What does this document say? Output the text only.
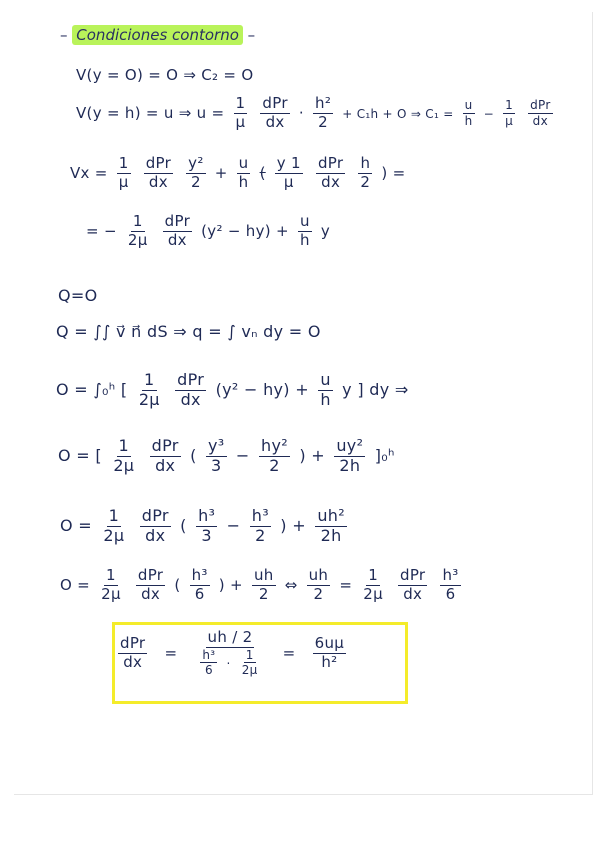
– Condiciones contorno –
V(y = O) = O ⇒ C₂ = O
V(y = h) = u ⇒ $u = \frac{1}{\mu}$
$\frac{\text{dPr}}{dx} \cdot \frac{\text{h²}}{2} + C_1h + O$ ⇒ $C_1 = \frac{u}{h} - \frac{1}{\mu}$
$\frac{\text{dPr}}{dx}$
$Vx = \frac{1}{\mu}$
$\frac{\text{dPr}}{dx}$
$\frac{\text{y²}}{2} + \frac{u}{h}$ ( $\frac{y 1}{\mu}$
$\frac{\text{dPr}}{dx}$
$\frac{h}{2}$ ) =
= − $\frac{1}{2\mu}$
$\frac{\text{dPr}}{dx} (y^2 - hy) + \frac{u}{h}$ y
Q=O
Q = ∫∫ v⃗ n⃗ dS ⇒ q = ∫ vₙ dy = O
O = ∫₀ʰ [ $\frac{1}{2\mu}$
$\frac{\text{dPr}}{dx} (y^2 - hy) + \frac{u}{h}$ y ] dy ⇒
O = [ $\frac{1}{2\mu}$
$\frac{\text{dPr}}{dx}$ ( $\frac{\text{y³}}{3} - \frac{\text{hy²}}{2}$ ) + $\frac{\text{uy²}}{2h}$ ]₀ʰ
$O = \frac{1}{2\mu}$
$\frac{\text{dPr}}{dx}$ ( $\frac{\text{h³}}{3} - \frac{\text{h³}}{2}$ ) + $\frac{\text{uh²}}{2h}$
$O = \frac{1}{2\mu}$
$\frac{\text{dPr}}{dx}$ ( $\frac{\text{h³}}{6}$ ) + $\frac{uh}{2}$ ⇔ $\frac{uh}{2} = \frac{1}{2\mu}$
$\frac{\text{dPr}}{dx}$
$\frac{\text{h³}}{6}$
$\frac{\text{dPr}}{dx} = \frac{uh / 2}{\frac{\text{h³}}{6} \cdot \frac{1}{2\mu}} = \frac{6u\mu}{\text{h²}}$
